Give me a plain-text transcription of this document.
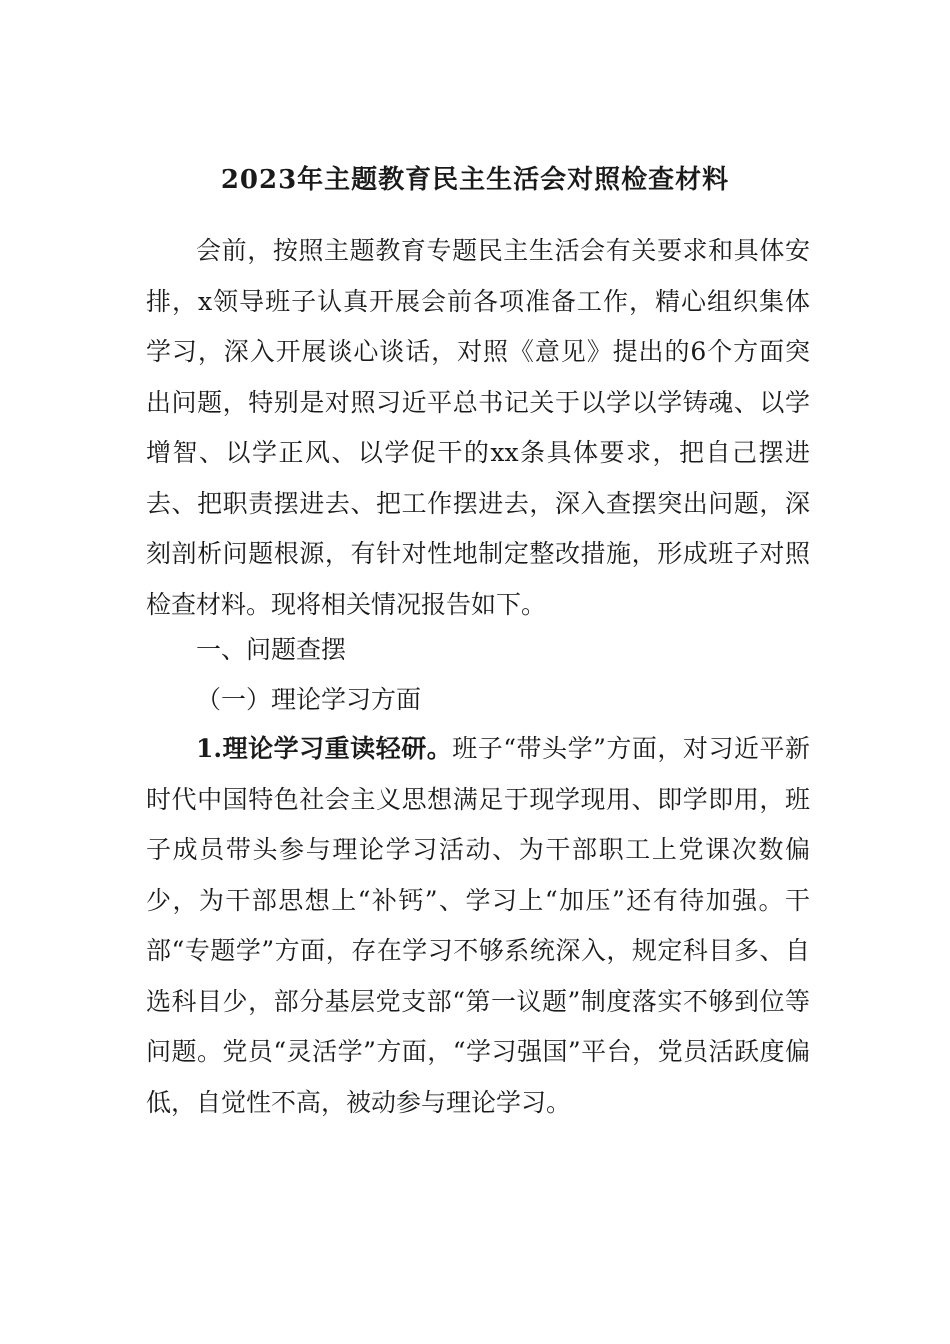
2023年主题教育民主生活会对照检查材料

会前，按照主题教育专题民主生活会有关要求和具体安排，x领导班子认真开展会前各项准备工作，精心组织集体学习，深入开展谈心谈话，对照《意见》提出的6个方面突出问题，特别是对照习近平总书记关于以学以学铸魂、以学增智、以学正风、以学促干的xx条具体要求，把自己摆进去、把职责摆进去、把工作摆进去，深入查摆突出问题，深刻剖析问题根源，有针对性地制定整改措施，形成班子对照检查材料。现将相关情况报告如下。

一、问题查摆

（一）理论学习方面

1.理论学习重读轻研。班子“带头学”方面，对习近平新时代中国特色社会主义思想满足于现学现用、即学即用，班子成员带头参与理论学习活动、为干部职工上党课次数偏少，为干部思想上“补钙”、学习上“加压”还有待加强。干部“专题学”方面，存在学习不够系统深入，规定科目多、自选科目少，部分基层党支部“第一议题”制度落实不够到位等问题。党员“灵活学”方面，“学习强国”平台，党员活跃度偏低，自觉性不高，被动参与理论学习。
